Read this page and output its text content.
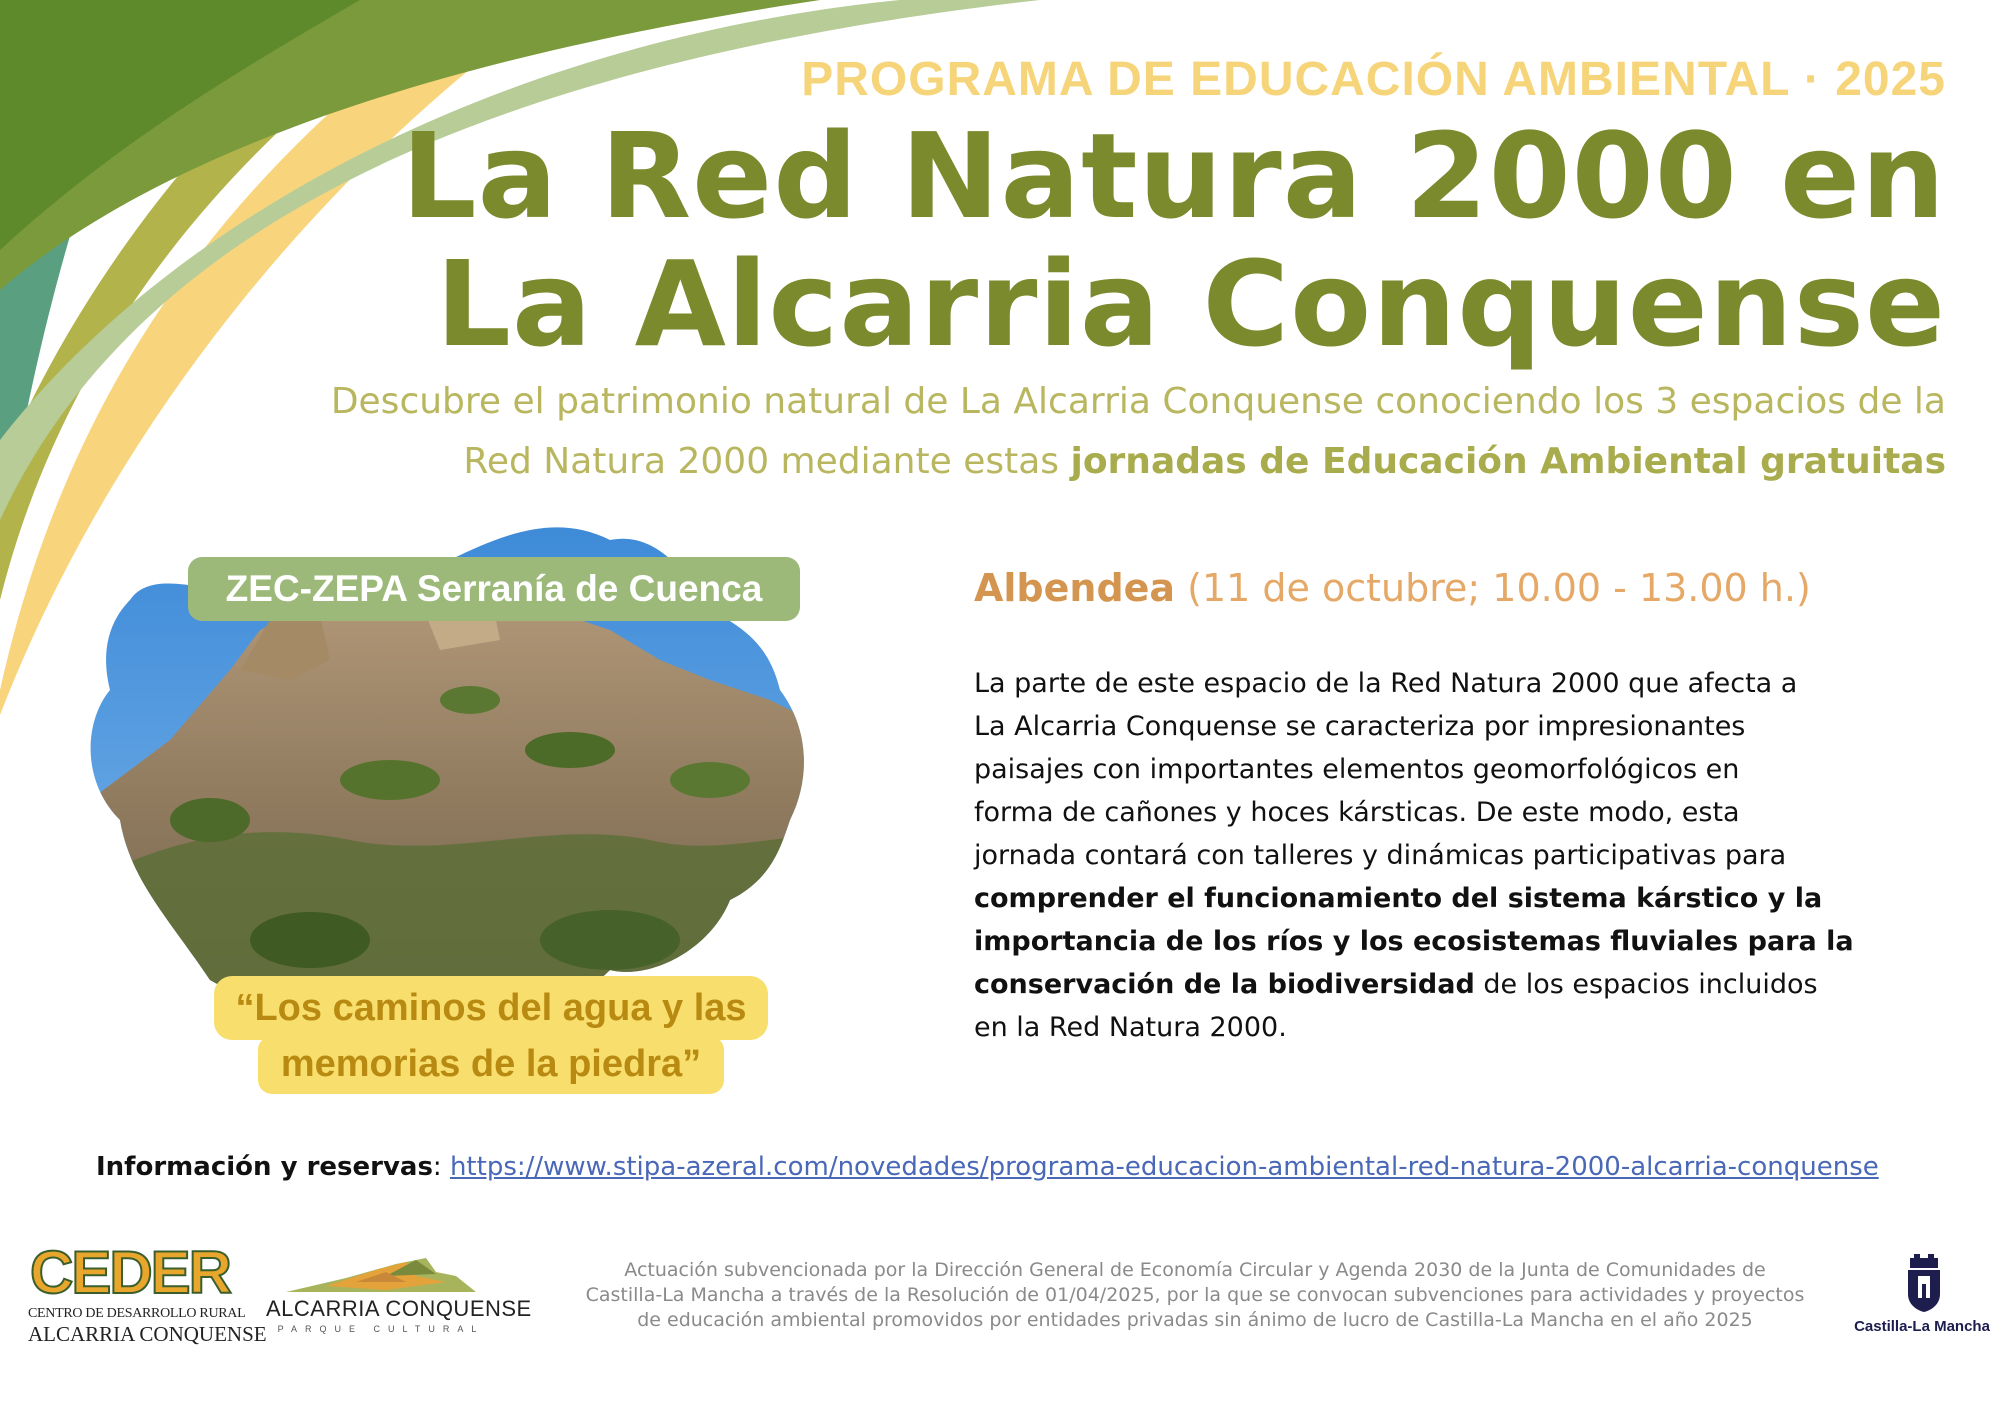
PROGRAMA DE EDUCACIÓN AMBIENTAL · 2025
La Red Natura 2000 en
La Alcarria Conquense
Descubre el patrimonio natural de La Alcarria Conquense conociendo los 3 espacios de la
Red Natura 2000 mediante estas jornadas de Educación Ambiental gratuitas
ZEC-ZEPA Serranía de Cuenca
“Los caminos del agua y las
memorias de la piedra”
Albendea (11 de octubre; 10.00 - 13.00 h.)
La parte de este espacio de la Red Natura 2000 que afecta a
La Alcarria Conquense se caracteriza por impresionantes
paisajes con importantes elementos geomorfológicos en
forma de cañones y hoces kársticas. De este modo, esta
jornada contará con talleres y dinámicas participativas para
comprender el funcionamiento del sistema kárstico y la
importancia de los ríos y los ecosistemas fluviales para la
conservación de la biodiversidad de los espacios incluidos
en la Red Natura 2000.
Información y reservas: https://www.stipa-azeral.com/novedades/programa-educacion-ambiental-red-natura-2000-alcarria-conquense
CEDER
CENTRO DE DESARROLLO RURAL
ALCARRIA CONQUENSE
ALCARRIA CONQUENSE
PARQUE CULTURAL
Actuación subvencionada por la Dirección General de Economía Circular y Agenda 2030 de la Junta de Comunidades de
Castilla-La Mancha a través de la Resolución de 01/04/2025, por la que se convocan subvenciones para actividades y proyectos
de educación ambiental promovidos por entidades privadas sin ánimo de lucro de Castilla-La Mancha en el año 2025	Castilla-La Mancha
